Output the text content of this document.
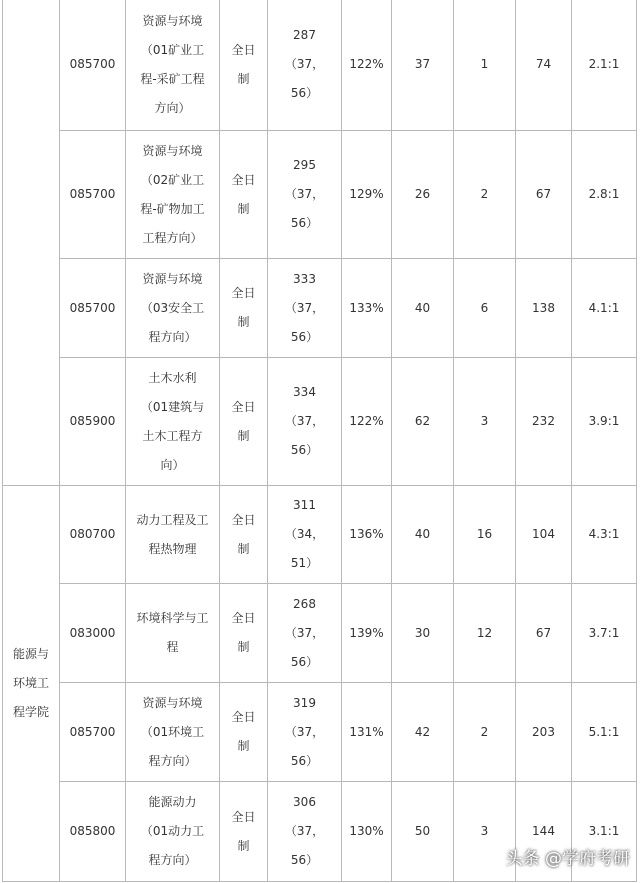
	085700	资源与环境
（01矿业工
程-采矿工程
方向）	全日
制	287
（37，
56）	122%	37	1	74	2.1:1
	085700	资源与环境
（02矿业工
程-矿物加工
工程方向）	全日
制	295
（37，
56）	129%	26	2	67	2.8:1
	085700	资源与环境
（03安全工
程方向）	全日
制	333
（37，
56）	133%	40	6	138	4.1:1
	085900	土木水利
（01建筑与
土木工程方
向）	全日
制	334
（37，
56）	122%	62	3	232	3.9:1

能源与
环境工
程学院	080700	动力工程及工
程热物理	全日
制	311
（34，
51）	136%	40	16	104	4.3:1
	083000	环境科学与工
程	全日
制	268
（37，
56）	139%	30	12	67	3.7:1
	085700	资源与环境
（01环境工
程方向）	全日
制	319
（37，
56）	131%	42	2	203	5.1:1
	085800	能源动力
（01动力工
程方向）	全日
制	306
（37，
56）	130%	50	3	144	3.1:1
头条 @学府考研
